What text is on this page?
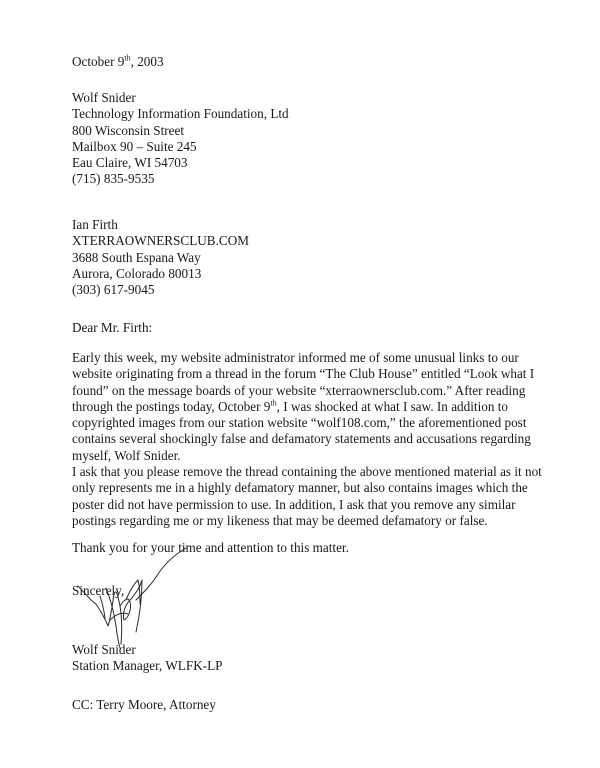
October 9th, 2003
Wolf Snider
Technology Information Foundation, Ltd
800 Wisconsin Street
Mailbox 90 – Suite 245
Eau Claire, WI 54703
(715) 835-9535
Ian Firth
XTERRAOWNERSCLUB.COM
3688 South Espana Way
Aurora, Colorado 80013
(303) 617-9045
Dear Mr. Firth:
Early this week, my website administrator informed me of some unusual links to our
website originating from a thread in the forum “The Club House” entitled “Look what I
found” on the message boards of your website “xterraownersclub.com.” After reading
through the postings today, October 9th, I was shocked at what I saw. In addition to
copyrighted images from our station website “wolf108.com,” the aforementioned post
contains several shockingly false and defamatory statements and accusations regarding
myself, Wolf Snider.
I ask that you please remove the thread containing the above mentioned material as it not
only represents me in a highly defamatory manner, but also contains images which the
poster did not have permission to use. In addition, I ask that you remove any similar
postings regarding me or my likeness that may be deemed defamatory or false.
Thank you for your time and attention to this matter.
Sincerely,
Wolf Snider
Station Manager, WLFK-LP
CC: Terry Moore, Attorney
